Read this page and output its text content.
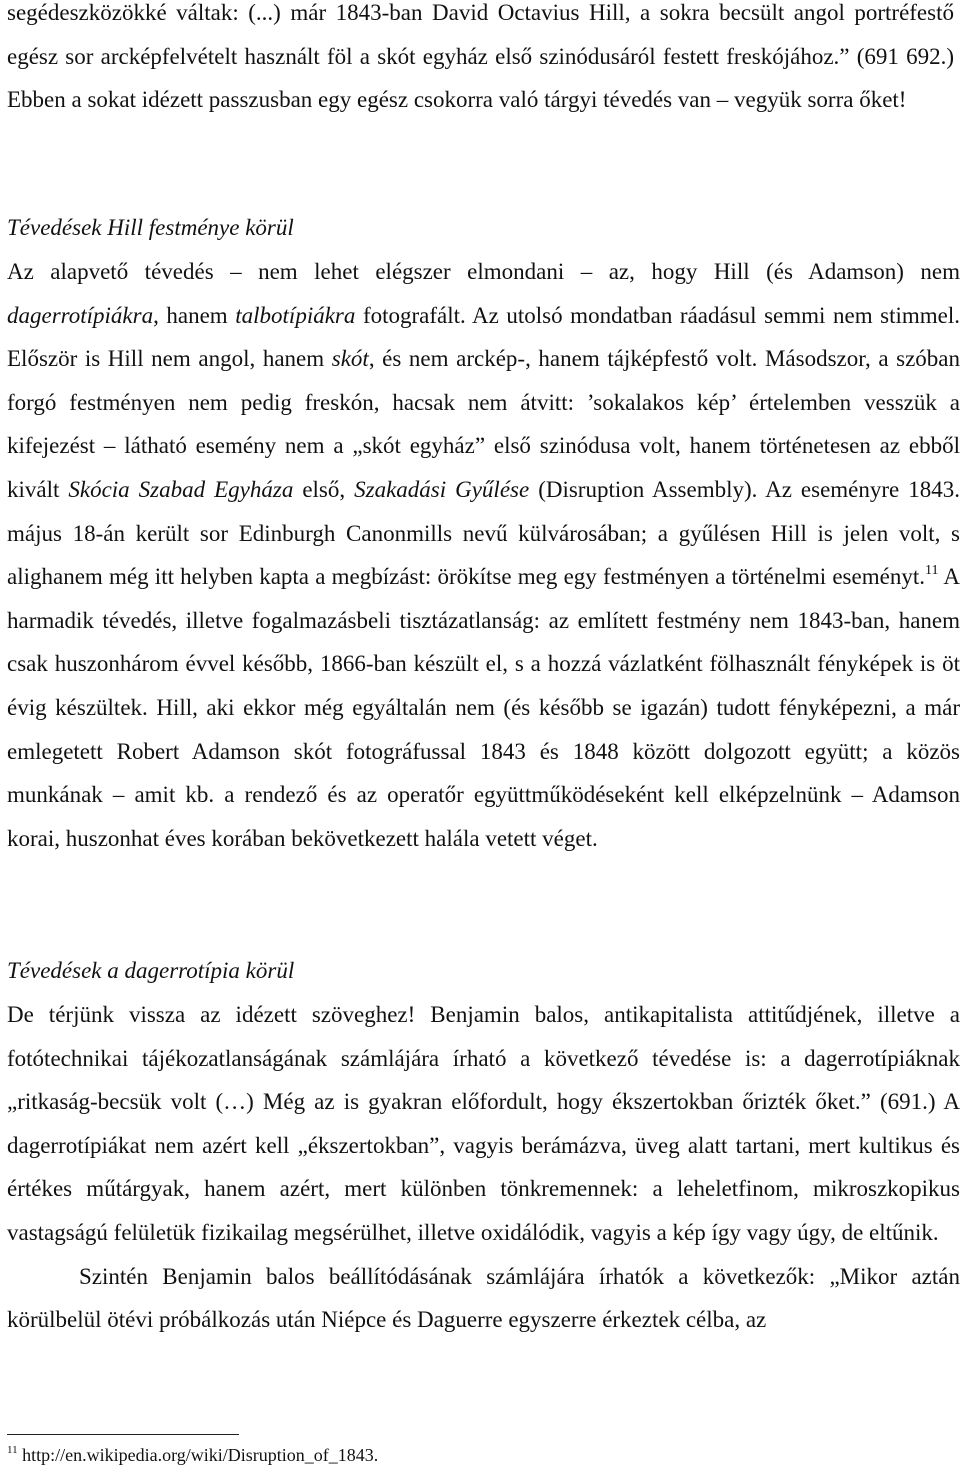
segédeszközökké váltak: (...) már 1843-ban David Octavius Hill, a sokra becsült angol portréfestő egész sor arcképfelvételt használt föl a skót egyház első szinódusáról festett freskójához.” (691 692.) Ebben a sokat idézett passzusban egy egész csokorra való tárgyi tévedés van – vegyük sorra őket!

Tévedések Hill festménye körül

Az alapvető tévedés – nem lehet elégszer elmondani – az, hogy Hill (és Adamson) nem dagerrotípiákra, hanem talbotípiákra fotografált. Az utolsó mondatban ráadásul semmi nem stimmel. Először is Hill nem angol, hanem skót, és nem arckép-, hanem tájképfestő volt. Másodszor, a szóban forgó festményen nem pedig freskón, hacsak nem átvitt: ’sokalakos kép’ értelemben vesszük a kifejezést – látható esemény nem a „skót egyház” első szinódusa volt, hanem történetesen az ebből kivált Skócia Szabad Egyháza első, Szakadási Gyűlése (Disruption Assembly). Az eseményre 1843. május 18-án került sor Edinburgh Canonmills nevű külvárosában; a gyűlésen Hill is jelen volt, s alighanem még itt helyben kapta a megbízást: örökítse meg egy festményen a történelmi eseményt.$^{11}$ A harmadik tévedés, illetve fogalmazásbeli tisztázatlanság: az említett festmény nem 1843-ban, hanem csak huszonhárom évvel később, 1866-ban készült el, s a hozzá vázlatként fölhasznált fényképek is öt évig készültek. Hill, aki ekkor még egyáltalán nem (és később se igazán) tudott fényképezni, a már emlegetett Robert Adamson skót fotográfussal 1843 és 1848 között dolgozott együtt; a közös munkának – amit kb. a rendező és az operatőr együttműködéseként kell elképzelnünk – Adamson korai, huszonhat éves korában bekövetkezett halála vetett véget.

Tévedések a dagerrotípia körül

De térjünk vissza az idézett szöveghez! Benjamin balos, antikapitalista attitűdjének, illetve a fotótechnikai tájékozatlanságának számlájára írható a következő tévedése is: a dagerrotípiáknak „ritkaság-becsük volt (…) Még az is gyakran előfordult, hogy ékszertokban őrizték őket.” (691.) A dagerrotípiákat nem azért kell „ékszertokban”, vagyis berámázva, üveg alatt tartani, mert kultikus és értékes műtárgyak, hanem azért, mert különben tönkremennek: a leheletfinom, mikroszkopikus vastagságú felületük fizikailag megsérülhet, illetve oxidálódik, vagyis a kép így vagy úgy, de eltűnik.

Szintén Benjamin balos beállítódásának számlájára írhatók a következők: „Mikor aztán körülbelül ötévi próbálkozás után Niépce és Daguerre egyszerre érkeztek célba, az

$^{11}$ http://en.wikipedia.org/wiki/Disruption_of_1843.
